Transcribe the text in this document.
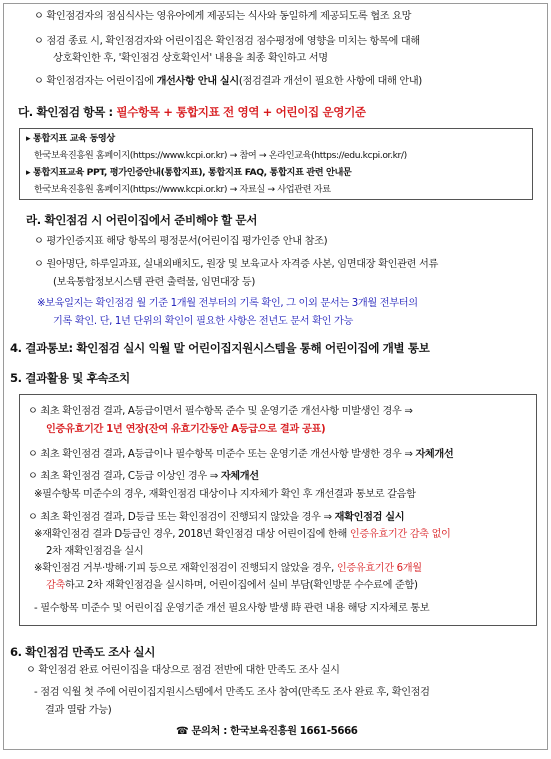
ㅇ 확인점검자의 점심식사는 영유아에게 제공되는 식사와 동일하게 제공되도록 협조 요망
ㅇ 점검 종료 시, 확인점검자와 어린이집은 확인점검 점수평정에 영향을 미치는 항목에 대해
상호확인한 후, '확인점검 상호확인서' 내용을 최종 확인하고 서명
ㅇ 확인점검자는 어린이집에 개선사항 안내 실시(점검결과 개선이 필요한 사항에 대해 안내)
다. 확인점검 항목 : 필수항목 + 통합지표 전 영역 + 어린이집 운영기준
▸ 통합지표 교육 동영상
한국보육진흥원 홈페이지(https://www.kcpi.or.kr) → 참여 → 온라인교육(https://edu.kcpi.or.kr/)
▸ 통합지표교육 PPT, 평가인증안내(통합지표), 통합지표 FAQ, 통합지표 관련 안내문
한국보육진흥원 홈페이지(https://www.kcpi.or.kr) → 자료실 → 사업관련 자료
라. 확인점검 시 어린이집에서 준비해야 할 문서
ㅇ 평가인증지표 해당 항목의 평정문서(어린이집 평가인증 안내 참조)
ㅇ 원아명단, 하루일과표, 실내외배치도, 원장 및 보육교사 자격증 사본, 임면대장 확인관련 서류
(보육통합정보시스템 관련 출력물, 임면대장 등)
※보육일지는 확인점검 월 기준 1개월 전부터의 기록 확인, 그 이외 문서는 3개월 전부터의
기록 확인. 단, 1년 단위의 확인이 필요한 사항은 전년도 문서 확인 가능
4. 결과통보: 확인점검 실시 익월 말 어린이집지원시스템을 통해 어린이집에 개별 통보
5. 결과활용 및 후속조치
ㅇ 최초 확인점검 결과, A등급이면서 필수항목 준수 및 운영기준 개선사항 미발생인 경우 ⇒
인증유효기간 1년 연장(잔여 유효기간동안 A등급으로 결과 공표)
ㅇ 최초 확인점검 결과, A등급이나 필수항목 미준수 또는 운영기준 개선사항 발생한 경우 ⇒ 자체개선
ㅇ 최초 확인점검 결과, C등급 이상인 경우 ⇒ 자체개선
※필수항목 미준수의 경우, 재확인점검 대상이나 지자체가 확인 후 개선결과 통보로 갈음함
ㅇ 최초 확인점검 결과, D등급 또는 확인점검이 진행되지 않았을 경우 ⇒ 재확인점검 실시
※재확인점검 결과 D등급인 경우, 2018년 확인점검 대상 어린이집에 한해 인증유효기간 감축 없이
2차 재확인점검을 실시
※확인점검 거부·방해·기피 등으로 재확인점검이 진행되지 않았을 경우, 인증유효기간 6개월
감축하고 2차 재확인점검을 실시하며, 어린이집에서 실비 부담(확인방문 수수료에 준함)
- 필수항목 미준수 및 어린이집 운영기준 개선 필요사항 발생 時 관련 내용 해당 지자체로 통보
6. 확인점검 만족도 조사 실시
ㅇ 확인점검 완료 어린이집을 대상으로 점검 전반에 대한 만족도 조사 실시
- 점검 익월 첫 주에 어린이집지원시스템에서 만족도 조사 참여(만족도 조사 완료 후, 확인점검
결과 열람 가능)
☎ 문의처 : 한국보육진흥원 1661-5666
